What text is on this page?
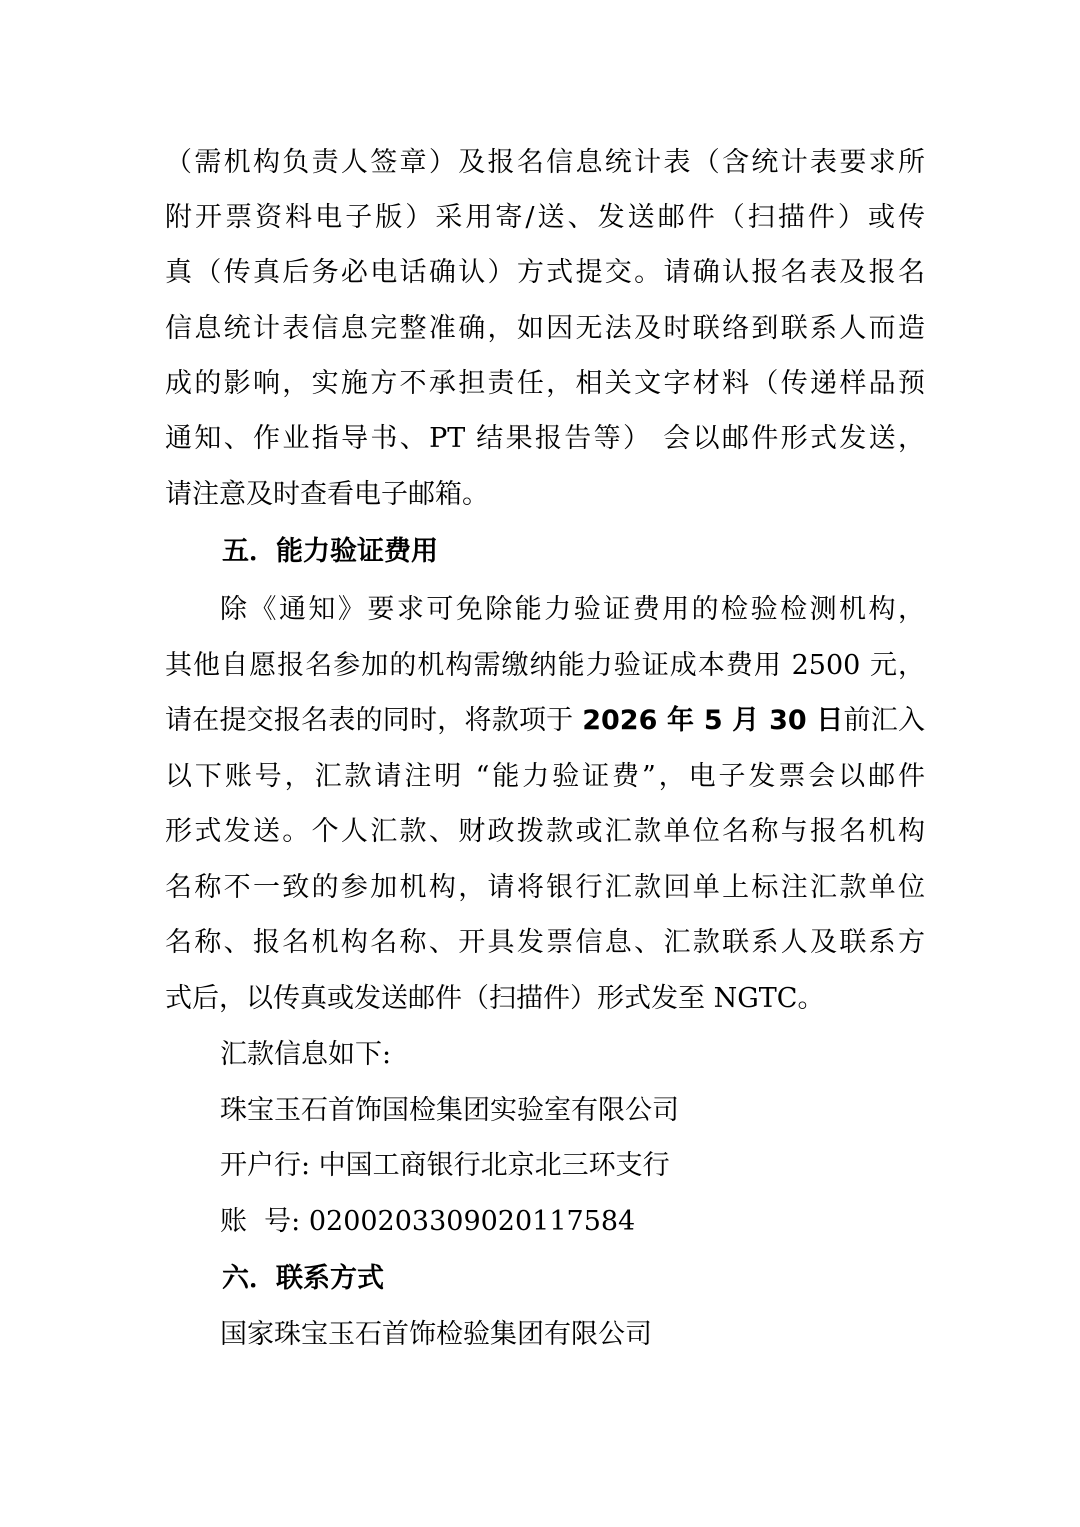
（需机构负责人签章）及报名信息统计表（含统计表要求所
附开票资料电子版）采用寄/送、发送邮件（扫描件）或传
真（传真后务必电话确认）方式提交。请确认报名表及报名
信息统计表信息完整准确，如因无法及时联络到联系人而造
成的影响，实施方不承担责任，相关文字材料（传递样品预
通知、作业指导书、PT 结果报告等） 会以邮件形式发送，
请注意及时查看电子邮箱。
五．能力验证费用
除《通知》要求可免除能力验证费用的检验检测机构，
其他自愿报名参加的机构需缴纳能力验证成本费用 2500 元，
请在提交报名表的同时，将款项于 2026 年 5 月 30 日前汇入
以下账号，汇款请注明 “能力验证费”，电子发票会以邮件
形式发送。个人汇款、财政拨款或汇款单位名称与报名机构
名称不一致的参加机构，请将银行汇款回单上标注汇款单位
名称、报名机构名称、开具发票信息、汇款联系人及联系方
式后，以传真或发送邮件（扫描件）形式发至 NGTC。
汇款信息如下:
珠宝玉石首饰国检集团实验室有限公司
开户行: 中国工商银行北京北三环支行
账  号: 0200203309020117584
六．联系方式
国家珠宝玉石首饰检验集团有限公司
